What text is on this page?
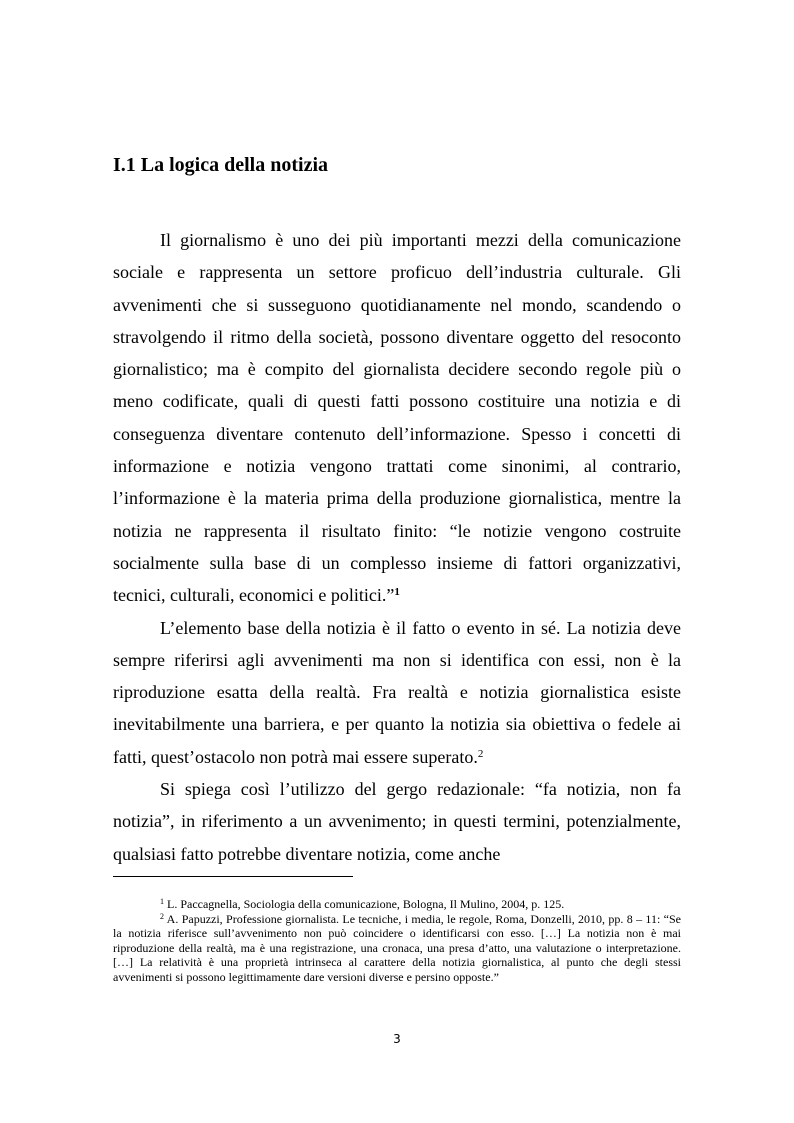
I.1 La logica della notizia

Il giornalismo è uno dei più importanti mezzi della comunicazione sociale e rappresenta un settore proficuo dell’industria culturale. Gli avvenimenti che si susseguono quotidianamente nel mondo, scandendo o stravolgendo il ritmo della società, possono diventare oggetto del resoconto giornalistico; ma è compito del giornalista decidere secondo regole più o meno codificate, quali di questi fatti possono costituire una notizia e di conseguenza diventare contenuto dell’informazione. Spesso i concetti di informazione e notizia vengono trattati come sinonimi, al contrario, l’informazione è la materia prima della produzione giornalistica, mentre la notizia ne rappresenta il risultato finito: “le notizie vengono costruite socialmente sulla base di un complesso insieme di fattori organizzativi, tecnici, culturali, economici e politici.”$^1$

L’elemento base della notizia è il fatto o evento in sé. La notizia deve sempre riferirsi agli avvenimenti ma non si identifica con essi, non è la riproduzione esatta della realtà. Fra realtà e notizia giornalistica esiste inevitabilmente una barriera, e per quanto la notizia sia obiettiva o fedele ai fatti, quest’ostacolo non potrà mai essere superato.$^2$

Si spiega così l’utilizzo del gergo redazionale: “fa notizia, non fa notizia”, in riferimento a un avvenimento; in questi termini, potenzialmente, qualsiasi fatto potrebbe diventare notizia, come anche

$^1$ L. Paccagnella, Sociologia della comunicazione, Bologna, Il Mulino, 2004, p. 125.

$^2$ A. Papuzzi, Professione giornalista. Le tecniche, i media, le regole, Roma, Donzelli, 2010, pp. 8 – 11: “Se la notizia riferisce sull’avvenimento non può coincidere o identificarsi con esso. […] La notizia non è mai riproduzione della realtà, ma è una registrazione, una cronaca, una presa d’atto, una valutazione o interpretazione. […] La relatività è una proprietà intrinseca al carattere della notizia giornalistica, al punto che degli stessi avvenimenti si possono legittimamente dare versioni diverse e persino opposte.”

3
